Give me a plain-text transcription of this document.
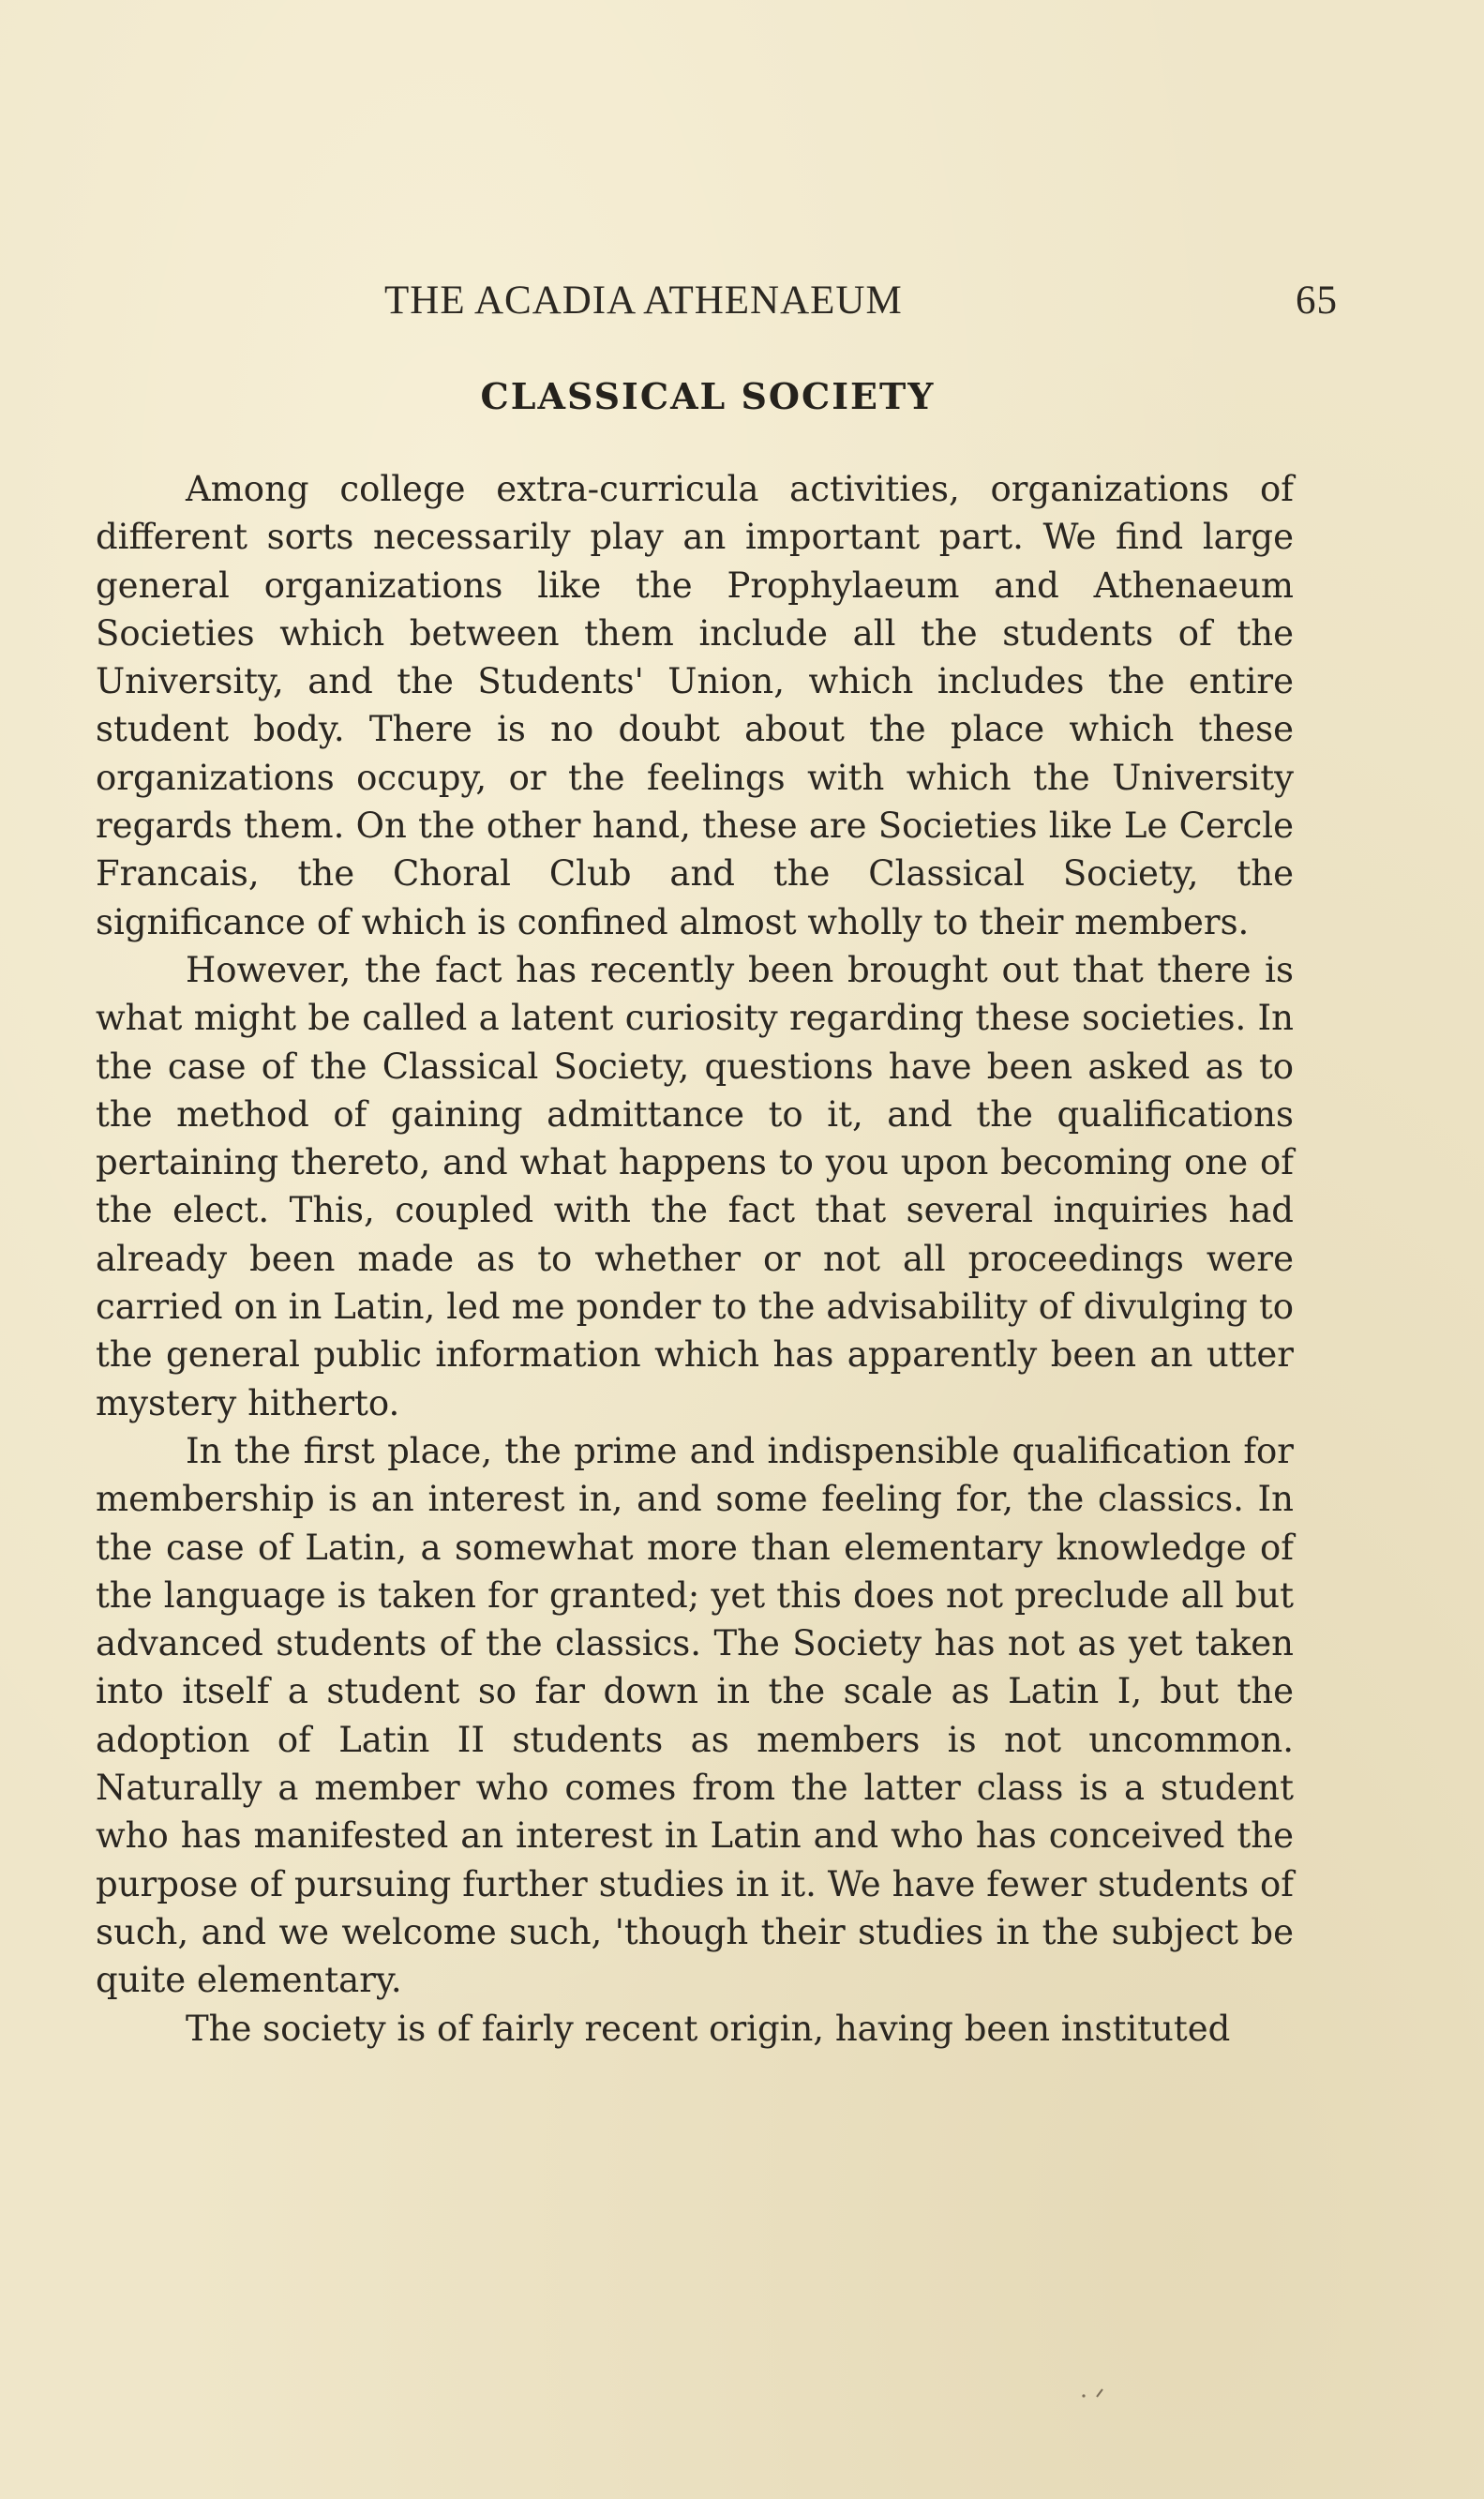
THE ACADIA ATHENAEUM	65
CLASSICAL SOCIETY

Among college extra-curricula activities, organizations of different sorts necessarily play an important part. We find large general organizations like the Prophylaeum and Athenaeum Societies which between them include all the students of the University, and the Students' Union, which includes the entire student body. There is no doubt about the place which these organizations occupy, or the feelings with which the University regards them. On the other hand, these are Societies like Le Cercle Francais, the Choral Club and the Classical Society, the significance of which is confined almost wholly to their members.

However, the fact has recently been brought out that there is what might be called a latent curiosity regarding these societies. In the case of the Classical Society, questions have been asked as to the method of gaining admittance to it, and the qualifications pertaining thereto, and what happens to you upon becoming one of the elect. This, coupled with the fact that several inquiries had already been made as to whether or not all proceedings were carried on in Latin, led me ponder to the advisability of divulging to the general public information which has apparently been an utter mystery hitherto.

In the first place, the prime and indispensible qualification for membership is an interest in, and some feeling for, the classics. In the case of Latin, a somewhat more than elementary knowledge of the language is taken for granted; yet this does not preclude all but advanced students of the classics. The Society has not as yet taken into itself a student so far down in the scale as Latin I, but the adoption of Latin II students as members is not uncommon. Naturally a member who comes from the latter class is a student who has manifested an interest in Latin and who has conceived the purpose of pursuing further studies in it. We have fewer students of such, and we welcome such, 'though their studies in the subject be quite elementary.

The society is of fairly recent origin, having been instituted
